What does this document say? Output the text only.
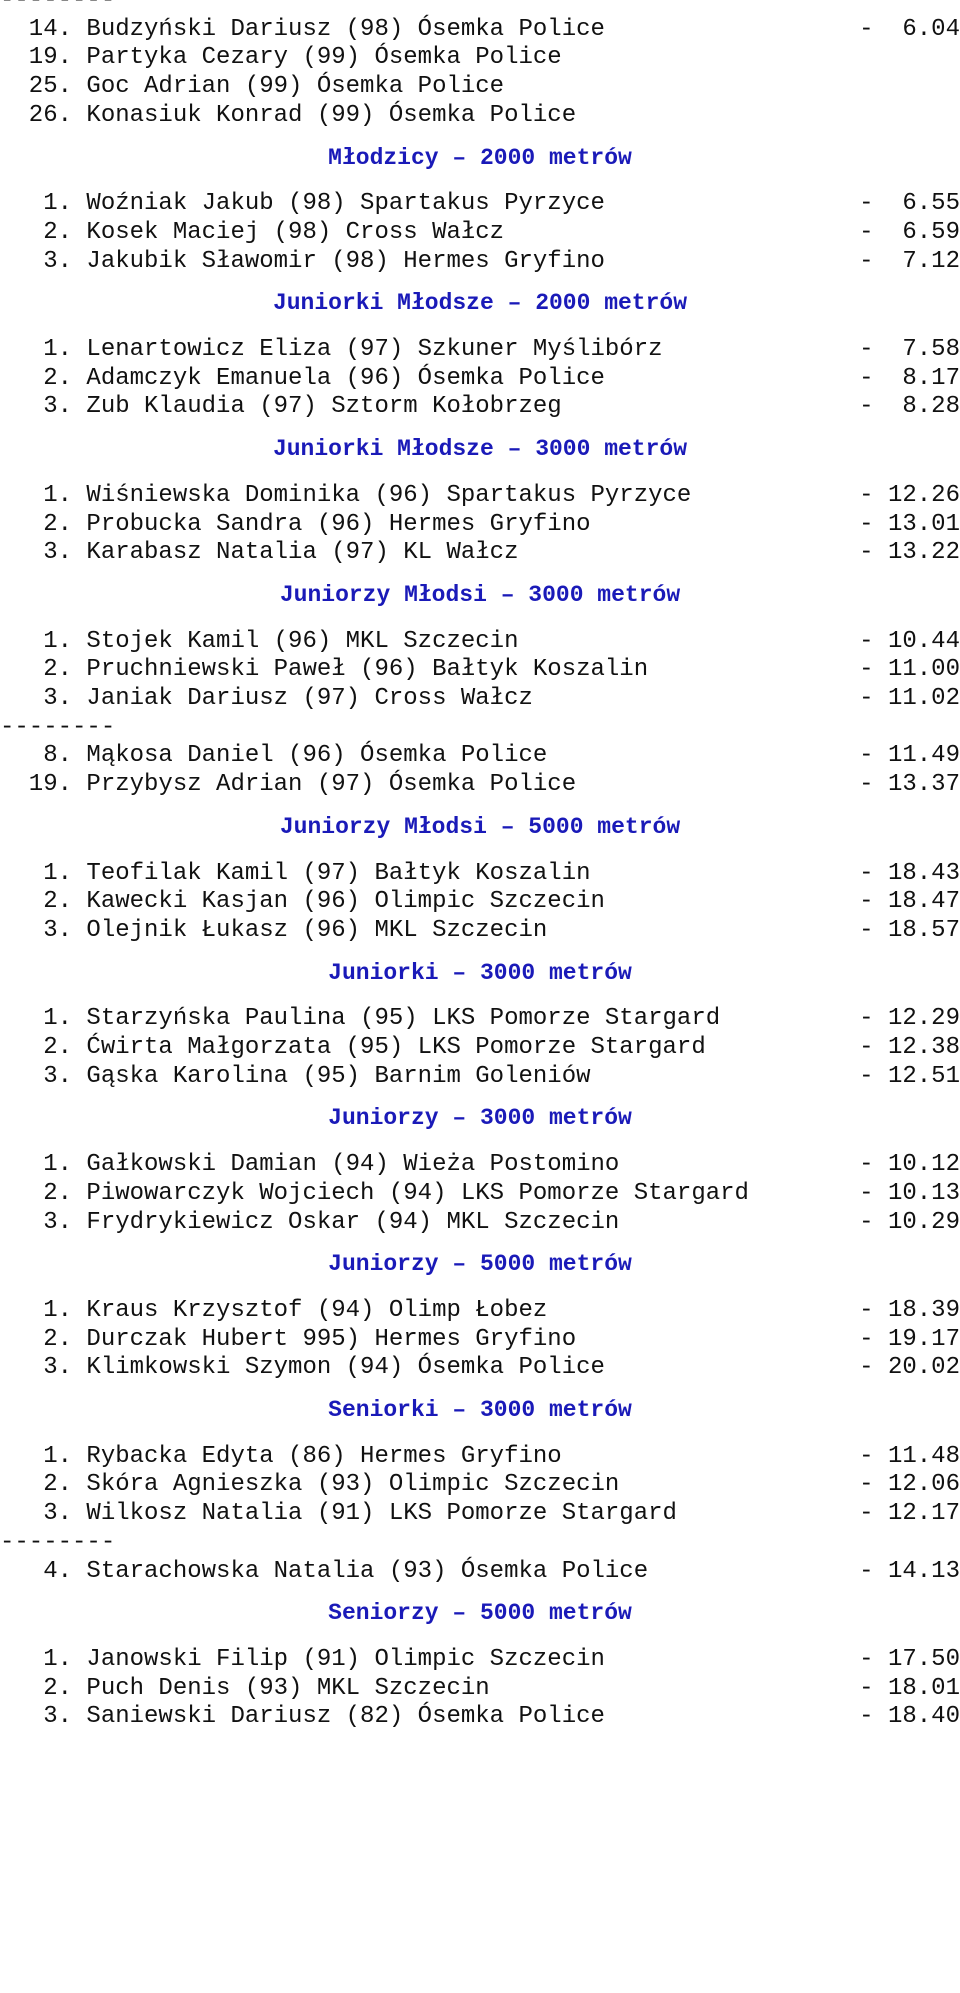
--------
14. Budzyński Dariusz (98) Ósemka Police	-  6.04
19. Partyka Cezary (99) Ósemka Police
25. Goc Adrian (99) Ósemka Police
26. Konasiuk Konrad (99) Ósemka Police
Młodzicy – 2000 metrów
1. Woźniak Jakub (98) Spartakus Pyrzyce	-  6.55
2. Kosek Maciej (98) Cross Wałcz	-  6.59
3. Jakubik Sławomir (98) Hermes Gryfino	-  7.12
Juniorki Młodsze – 2000 metrów
1. Lenartowicz Eliza (97) Szkuner Myślibórz	-  7.58
2. Adamczyk Emanuela (96) Ósemka Police	-  8.17
3. Zub Klaudia (97) Sztorm Kołobrzeg	-  8.28
Juniorki Młodsze – 3000 metrów
1. Wiśniewska Dominika (96) Spartakus Pyrzyce	- 12.26
2. Probucka Sandra (96) Hermes Gryfino	- 13.01
3. Karabasz Natalia (97) KL Wałcz	- 13.22
Juniorzy Młodsi – 3000 metrów
1. Stojek Kamil (96) MKL Szczecin	- 10.44
2. Pruchniewski Paweł (96) Bałtyk Koszalin	- 11.00
3. Janiak Dariusz (97) Cross Wałcz	- 11.02
--------
8. Mąkosa Daniel (96) Ósemka Police	- 11.49
19. Przybysz Adrian (97) Ósemka Police	- 13.37
Juniorzy Młodsi – 5000 metrów
1. Teofilak Kamil (97) Bałtyk Koszalin	- 18.43
2. Kawecki Kasjan (96) Olimpic Szczecin	- 18.47
3. Olejnik Łukasz (96) MKL Szczecin	- 18.57
Juniorki – 3000 metrów
1. Starzyńska Paulina (95) LKS Pomorze Stargard	- 12.29
2. Ćwirta Małgorzata (95) LKS Pomorze Stargard	- 12.38
3. Gąska Karolina (95) Barnim Goleniów	- 12.51
Juniorzy – 3000 metrów
1. Gałkowski Damian (94) Wieża Postomino	- 10.12
2. Piwowarczyk Wojciech (94) LKS Pomorze Stargard	- 10.13
3. Frydrykiewicz Oskar (94) MKL Szczecin	- 10.29
Juniorzy – 5000 metrów
1. Kraus Krzysztof (94) Olimp Łobez	- 18.39
2. Durczak Hubert 995) Hermes Gryfino	- 19.17
3. Klimkowski Szymon (94) Ósemka Police	- 20.02
Seniorki – 3000 metrów
1. Rybacka Edyta (86) Hermes Gryfino	- 11.48
2. Skóra Agnieszka (93) Olimpic Szczecin	- 12.06
3. Wilkosz Natalia (91) LKS Pomorze Stargard	- 12.17
--------
4. Starachowska Natalia (93) Ósemka Police	- 14.13
Seniorzy – 5000 metrów
1. Janowski Filip (91) Olimpic Szczecin	- 17.50
2. Puch Denis (93) MKL Szczecin	- 18.01
3. Saniewski Dariusz (82) Ósemka Police	- 18.40
